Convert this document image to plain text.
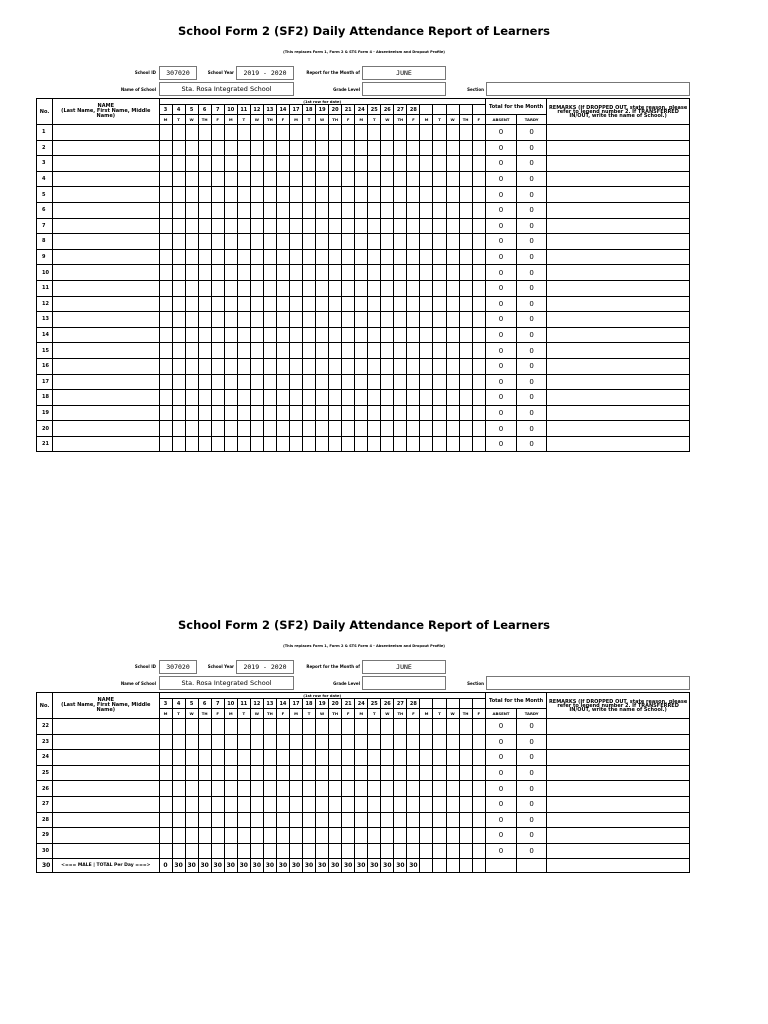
School Form 2 (SF2) Daily Attendance Report of Learners
(This replaces Form 1, Form 2 & STS Form 4 - Absenteeism and Dropout Profile)
School ID	307020	School Year	2019 - 2020	Report for the Month of	JUNE
Name of School	Sta. Rosa Integrated School	Grade Level	Section
No.	NAME
(Last Name, First Name, Middle Name)	(1st row for date)																									Total for the Month		REMARKS (If DROPPED OUT, state reason, please refer to legend number 2. If TRANSFERRED IN/OUT, write the name of School.)
		3	4	5	6	7	10	11	12	13	14	17	18	19	20	21	24	25	26	27	28								
		M	T	W	TH	F	M	T	W	TH	F	M	T	W	TH	F	M	T	W	TH	F	M	T	W	TH	F	ABSENT	TARDY	
1																											0	0	
2																											0	0	
3																											0	0	
4																											0	0	
5																											0	0	
6																											0	0	
7																											0	0	
8																											0	0	
9																											0	0	
10																											0	0	
11																											0	0	
12																											0	0	
13																											0	0	
14																											0	0	
15																											0	0	
16																											0	0	
17																											0	0	
18																											0	0	
19																											0	0	
20																											0	0	
21																											0	0	
School Form 2 (SF2) Daily Attendance Report of Learners
(This replaces Form 1, Form 2 & STS Form 4 - Absenteeism and Dropout Profile)
School ID	307020	School Year	2019 - 2020	Report for the Month of	JUNE
Name of School	Sta. Rosa Integrated School	Grade Level	Section
No.	NAME
(Last Name, First Name, Middle Name)	(1st row for date)																									Total for the Month		REMARKS (If DROPPED OUT, state reason, please refer to legend number 2. If TRANSFERRED IN/OUT, write the name of School.)
		3	4	5	6	7	10	11	12	13	14	17	18	19	20	21	24	25	26	27	28								
		M	T	W	TH	F	M	T	W	TH	F	M	T	W	TH	F	M	T	W	TH	F	M	T	W	TH	F	ABSENT	TARDY	
22																											0	0	
23																											0	0	
24																											0	0	
25																											0	0	
26																											0	0	
27																											0	0	
28																											0	0	
29																											0	0	
30																											0	0	
30	<=== MALE | TOTAL Per Day ===>	0	30	30	30	30	30	30	30	30	30	30	30	30	30	30	30	30	30	30	30								
